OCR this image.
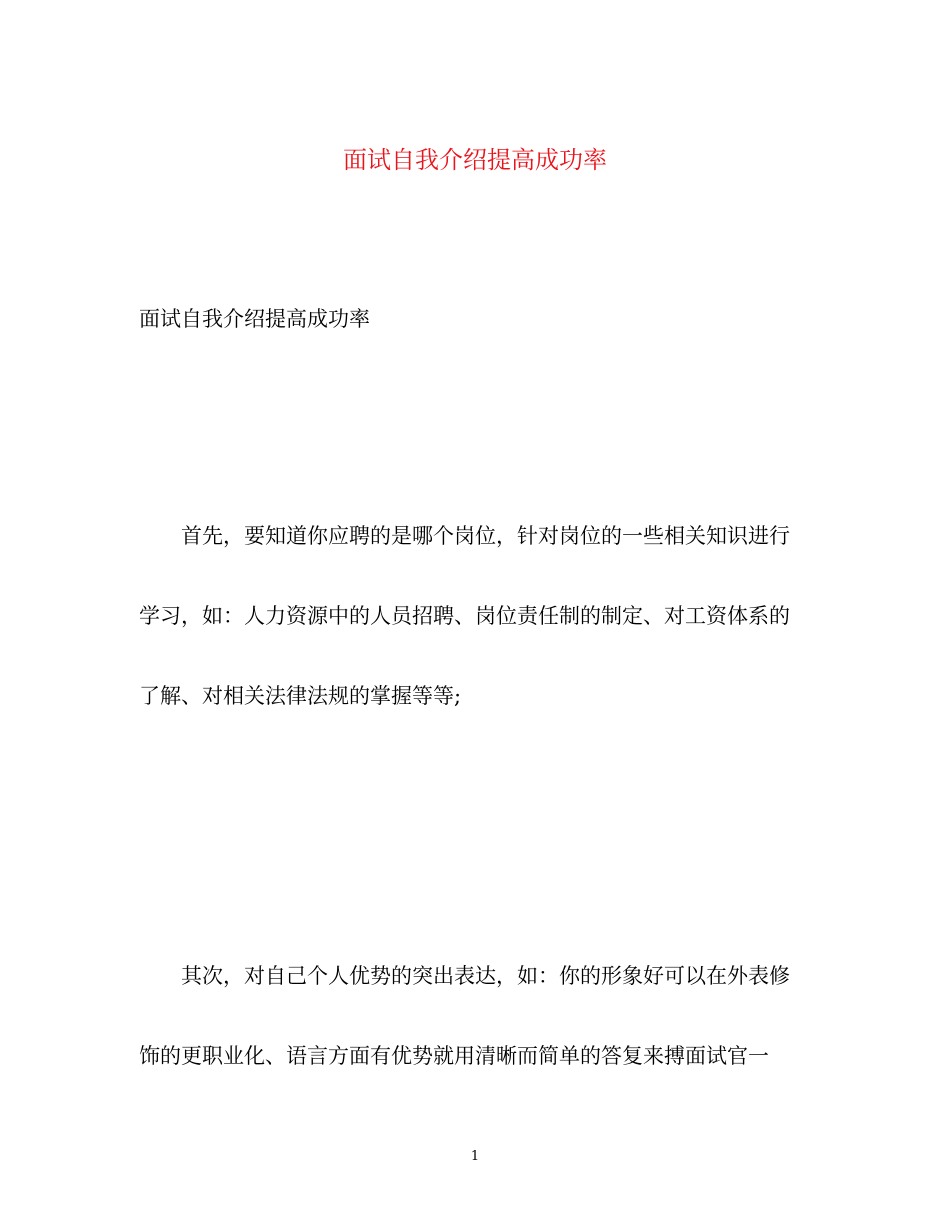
面试自我介绍提高成功率
面试自我介绍提高成功率

首先，要知道你应聘的是哪个岗位，针对岗位的一些相关知识进行
学习，如：人力资源中的人员招聘、岗位责任制的制定、对工资体系的
了解、对相关法律法规的掌握等等;

其次，对自己个人优势的突出表达，如：你的形象好可以在外表修
饰的更职业化、语言方面有优势就用清晰而简单的答复来搏面试官一

1
